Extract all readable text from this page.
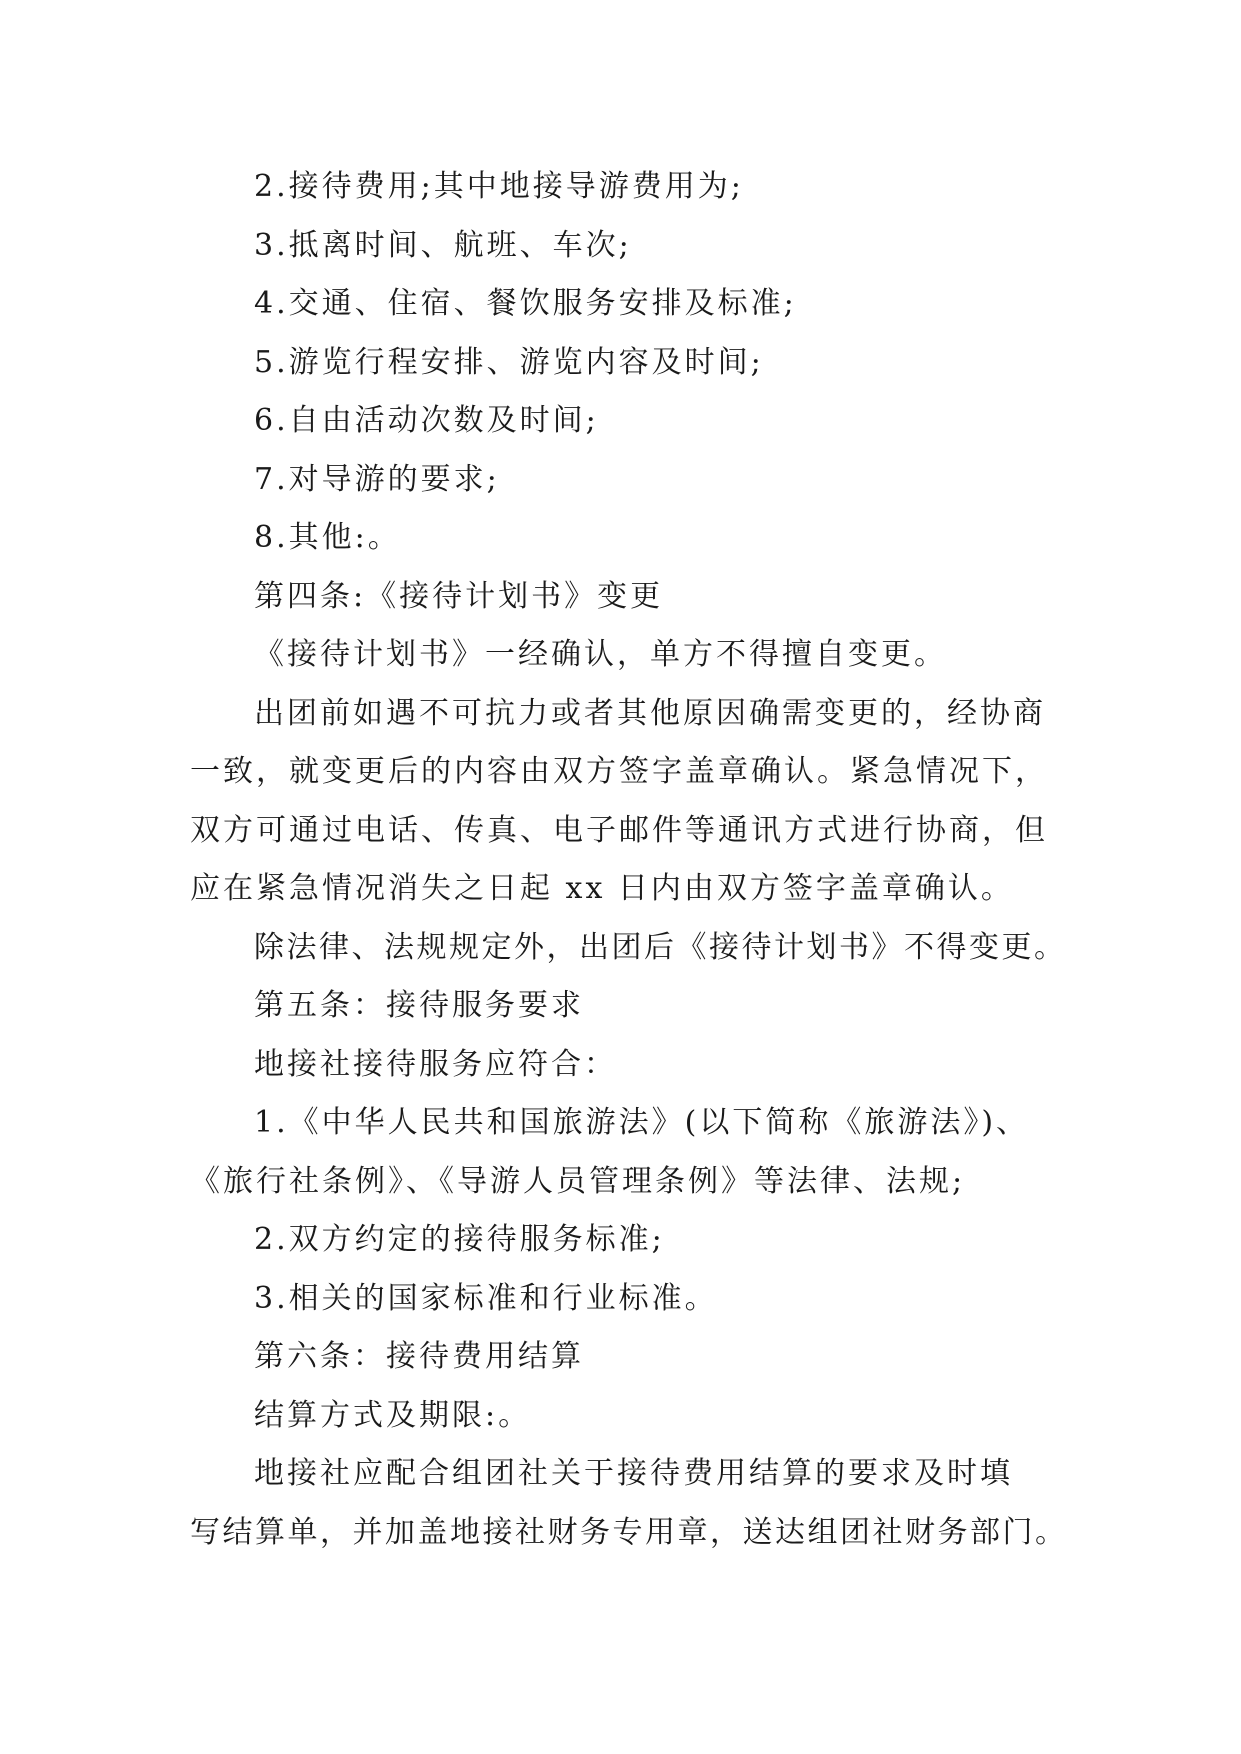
2.接待费用;其中地接导游费用为;

3.抵离时间、航班、车次;

4.交通、住宿、餐饮服务安排及标准;

5.游览行程安排、游览内容及时间;

6.自由活动次数及时间;

7.对导游的要求;

8.其他:。

第四条:《接待计划书》变更

《接待计划书》一经确认，单方不得擅自变更。

出团前如遇不可抗力或者其他原因确需变更的，经协商

一致，就变更后的内容由双方签字盖章确认。紧急情况下，

双方可通过电话、传真、电子邮件等通讯方式进行协商，但

应在紧急情况消失之日起 xx 日内由双方签字盖章确认。

除法律、法规规定外，出团后《接待计划书》不得变更。

第五条：接待服务要求

地接社接待服务应符合：

1.《中华人民共和国旅游法》(以下简称《旅游法》)、

《旅行社条例》、《导游人员管理条例》等法律、法规;

2.双方约定的接待服务标准;

3.相关的国家标准和行业标准。

第六条：接待费用结算

结算方式及期限:。

地接社应配合组团社关于接待费用结算的要求及时填

写结算单，并加盖地接社财务专用章，送达组团社财务部门。
